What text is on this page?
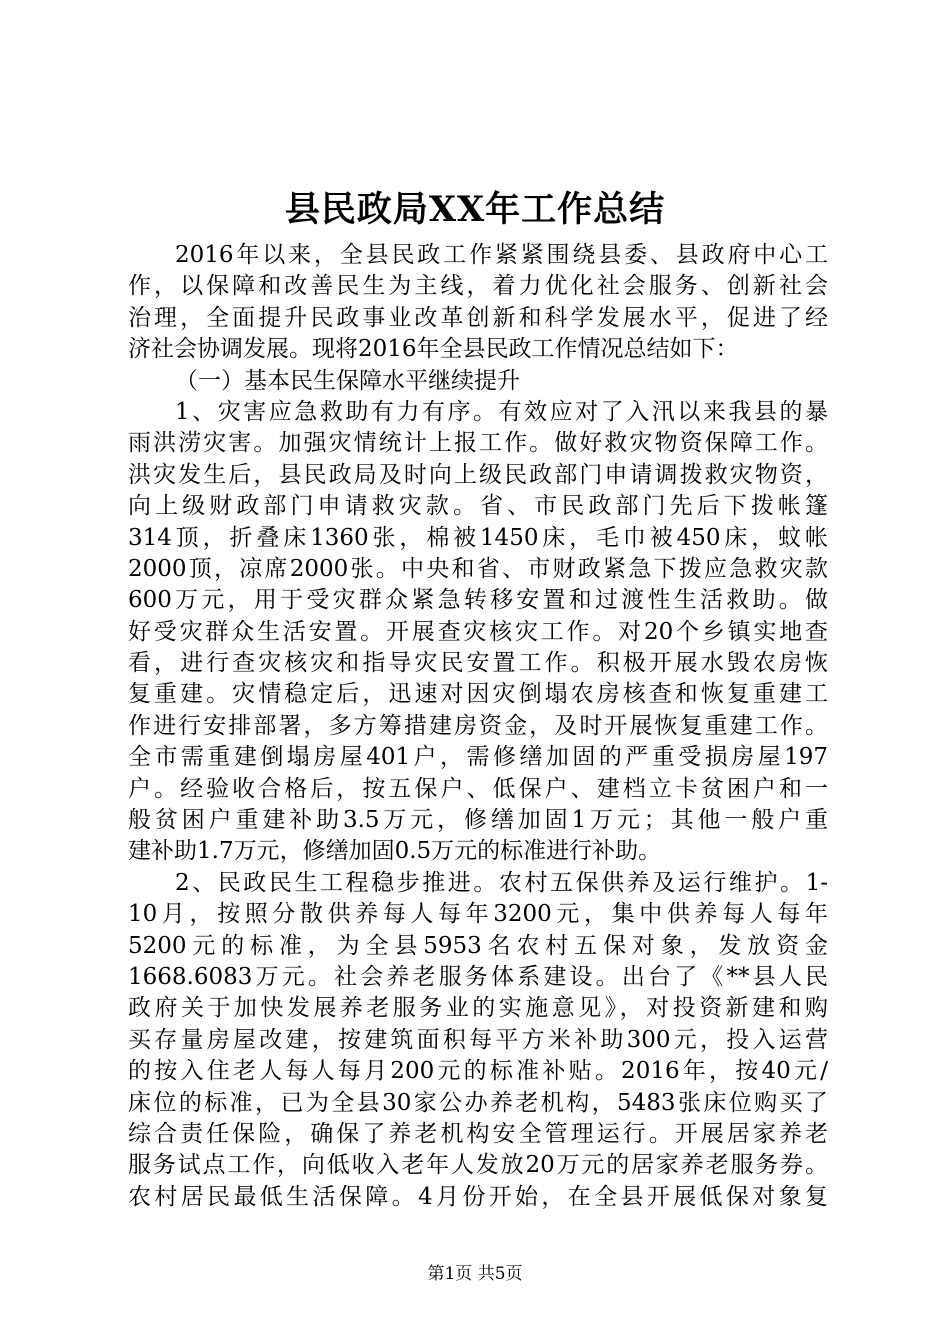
县民政局XX年工作总结
2016年以来，全县民政工作紧紧围绕县委、县政府中心工
作，以保障和改善民生为主线，着力优化社会服务、创新社会
治理，全面提升民政事业改革创新和科学发展水平，促进了经
济社会协调发展。现将2016年全县民政工作情况总结如下：
（一）基本民生保障水平继续提升
1、灾害应急救助有力有序。有效应对了入汛以来我县的暴
雨洪涝灾害。加强灾情统计上报工作。做好救灾物资保障工作。
洪灾发生后，县民政局及时向上级民政部门申请调拨救灾物资，
向上级财政部门申请救灾款。省、市民政部门先后下拨帐篷
314顶，折叠床1360张，棉被1450床，毛巾被450床，蚊帐
2000顶，凉席2000张。中央和省、市财政紧急下拨应急救灾款
600万元，用于受灾群众紧急转移安置和过渡性生活救助。做
好受灾群众生活安置。开展查灾核灾工作。对20个乡镇实地查
看，进行查灾核灾和指导灾民安置工作。积极开展水毁农房恢
复重建。灾情稳定后，迅速对因灾倒塌农房核查和恢复重建工
作进行安排部署，多方筹措建房资金，及时开展恢复重建工作。
全市需重建倒塌房屋401户，需修缮加固的严重受损房屋197
户。经验收合格后，按五保户、低保户、建档立卡贫困户和一
般贫困户重建补助3.5万元，修缮加固1万元；其他一般户重
建补助1.7万元，修缮加固0.5万元的标准进行补助。
2、民政民生工程稳步推进。农村五保供养及运行维护。1-
10月，按照分散供养每人每年3200元，集中供养每人每年
5200元的标准，为全县5953名农村五保对象，发放资金
1668.6083万元。社会养老服务体系建设。出台了《**县人民
政府关于加快发展养老服务业的实施意见》，对投资新建和购
买存量房屋改建，按建筑面积每平方米补助300元，投入运营
的按入住老人每人每月200元的标准补贴。2016年，按40元/
床位的标准，已为全县30家公办养老机构，5483张床位购买了
综合责任保险，确保了养老机构安全管理运行。开展居家养老
服务试点工作，向低收入老年人发放20万元的居家养老服务券。
农村居民最低生活保障。4月份开始，在全县开展低保对象复
第1页 共5页
